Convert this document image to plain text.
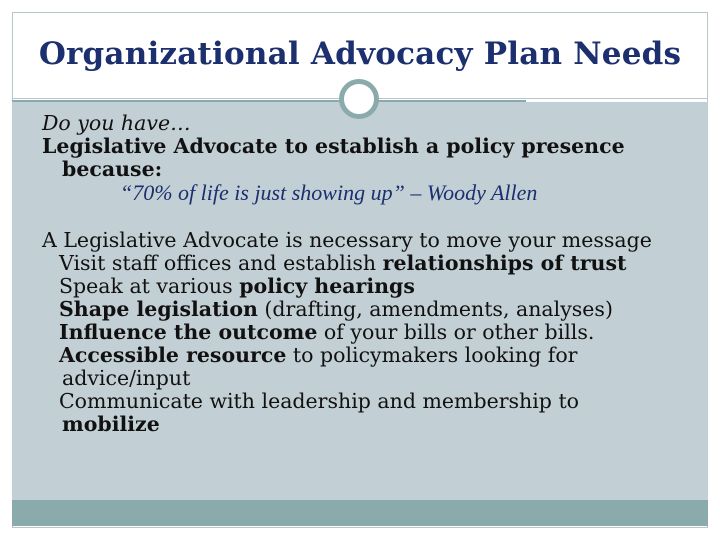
Organizational Advocacy Plan Needs
Do you have…
Legislative Advocate to establish a policy presence
because:
“70% of life is just showing up” – Woody Allen
A Legislative Advocate is necessary to move your message
Visit staff offices and establish relationships of trust
Speak at various policy hearings
Shape legislation (drafting, amendments, analyses)
Influence the outcome of your bills or other bills.
Accessible resource to policymakers looking for
advice/input
Communicate with leadership and membership to
mobilize
